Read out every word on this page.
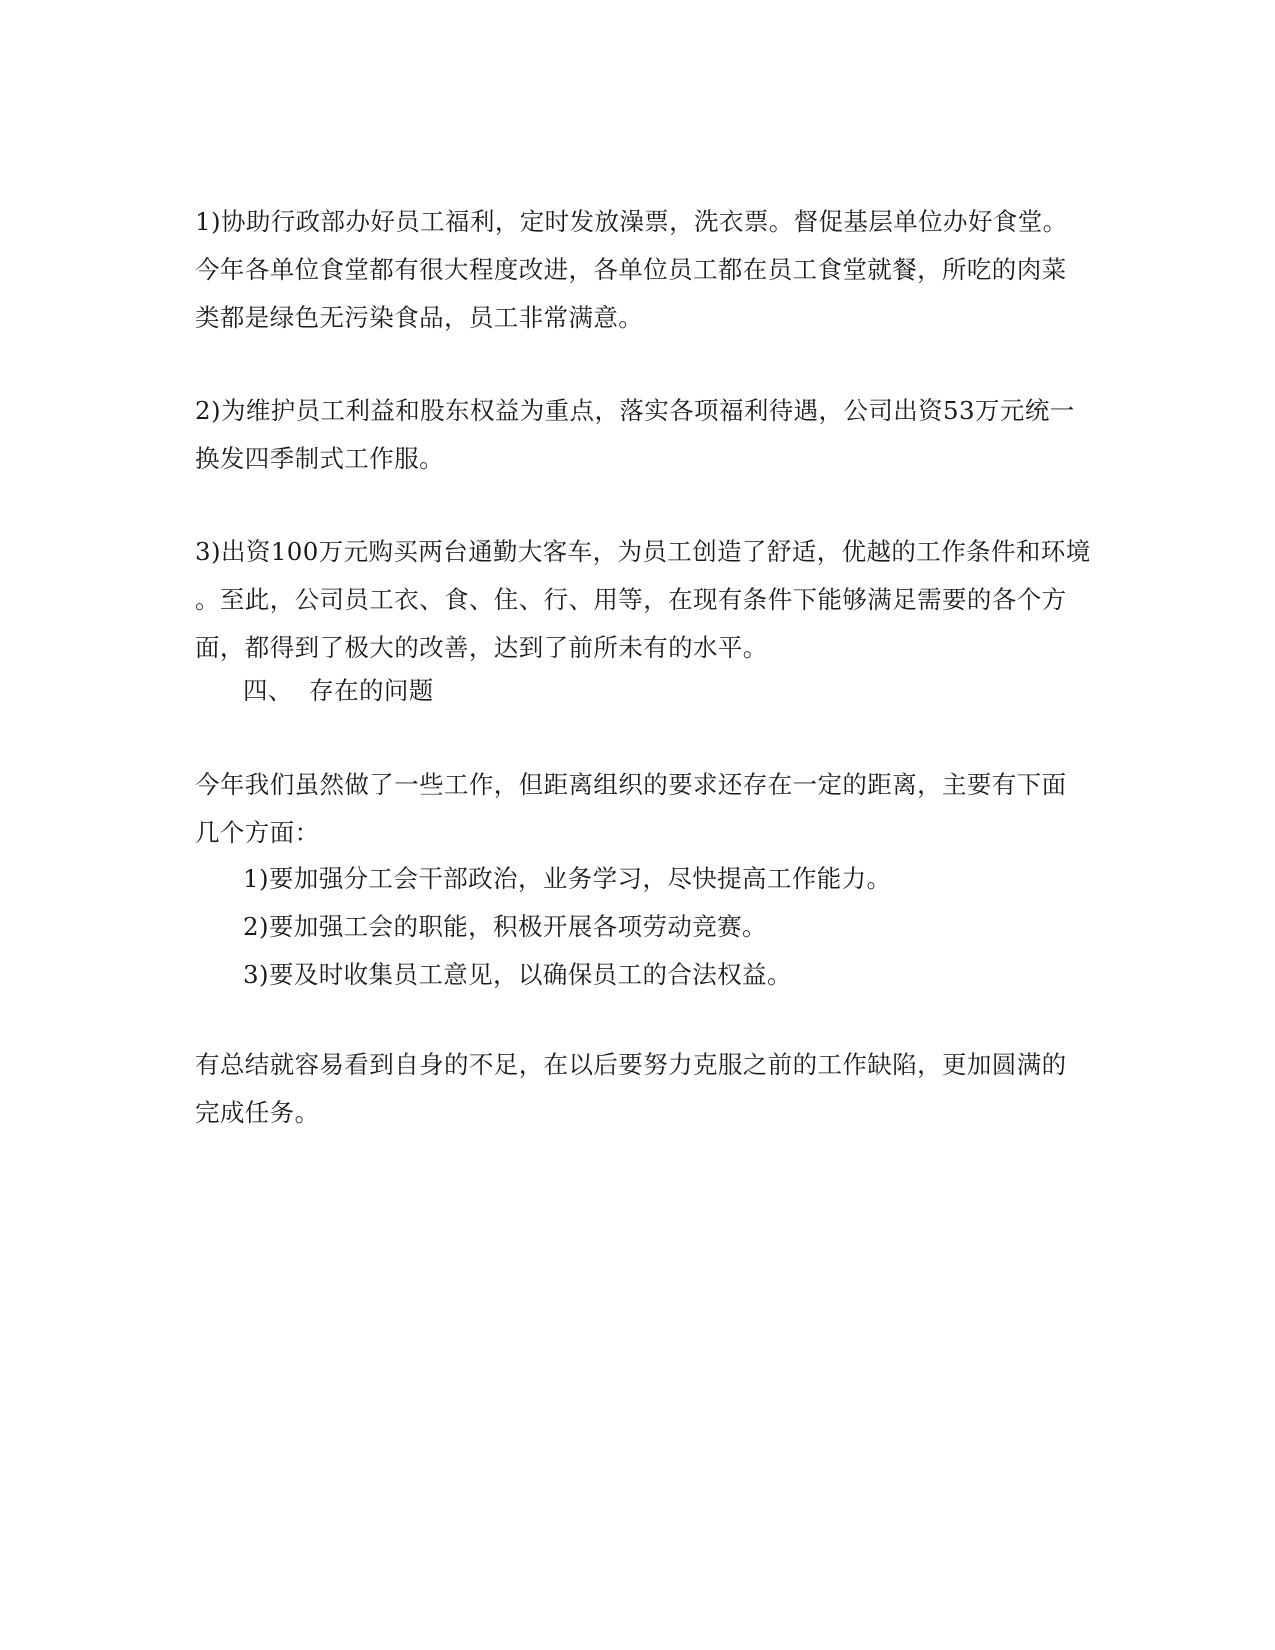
1)协助行政部办好员工福利，定时发放澡票，洗衣票。督促基层单位办好食堂。
今年各单位食堂都有很大程度改进，各单位员工都在员工食堂就餐，所吃的肉菜
类都是绿色无污染食品，员工非常满意。

2)为维护员工利益和股东权益为重点，落实各项福利待遇，公司出资53万元统一
换发四季制式工作服。

3)出资100万元购买两台通勤大客车，为员工创造了舒适，优越的工作条件和环境
。至此，公司员工衣、食、住、行、用等，在现有条件下能够满足需要的各个方
面，都得到了极大的改善，达到了前所未有的水平。

四、  存在的问题

今年我们虽然做了一些工作，但距离组织的要求还存在一定的距离，主要有下面
几个方面：

1)要加强分工会干部政治，业务学习，尽快提高工作能力。
2)要加强工会的职能，积极开展各项劳动竞赛。
3)要及时收集员工意见，以确保员工的合法权益。

有总结就容易看到自身的不足，在以后要努力克服之前的工作缺陷，更加圆满的
完成任务。
